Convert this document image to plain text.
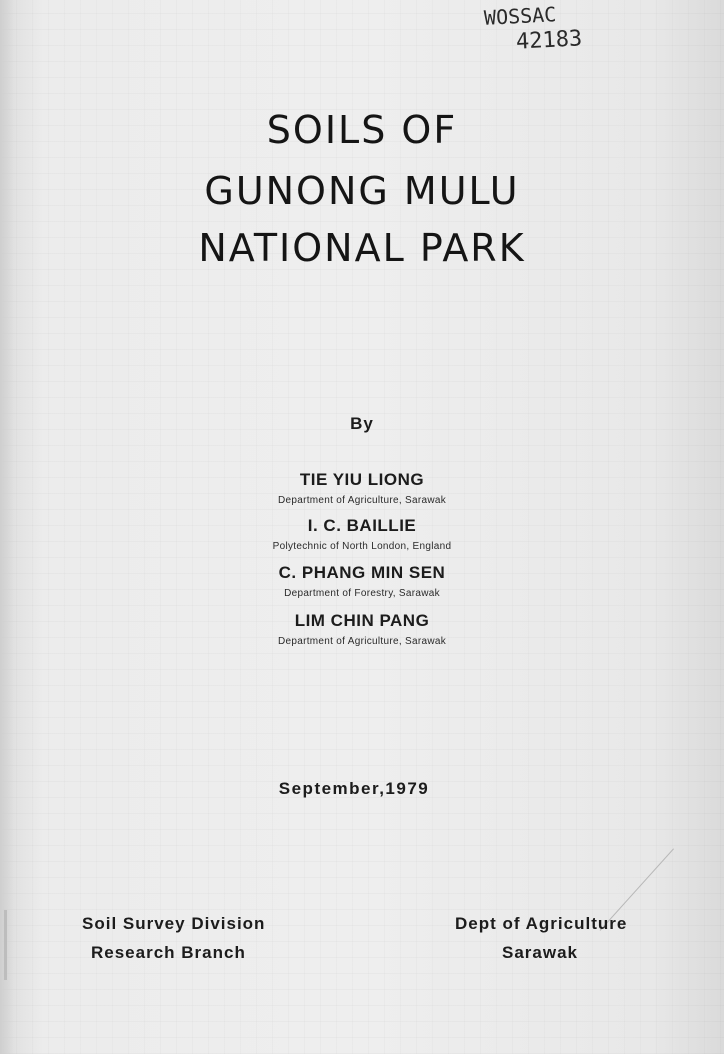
WOSSAC
42183
SOILS OF
GUNONG MULU
NATIONAL PARK
By
TIE YIU LIONG
Department of Agriculture, Sarawak
I. C. BAILLIE
Polytechnic of North London, England
C. PHANG MIN SEN
Department of Forestry, Sarawak
LIM CHIN PANG
Department of Agriculture, Sarawak
September,1979
Soil Survey Division
Research Branch
Dept of Agriculture
Sarawak
